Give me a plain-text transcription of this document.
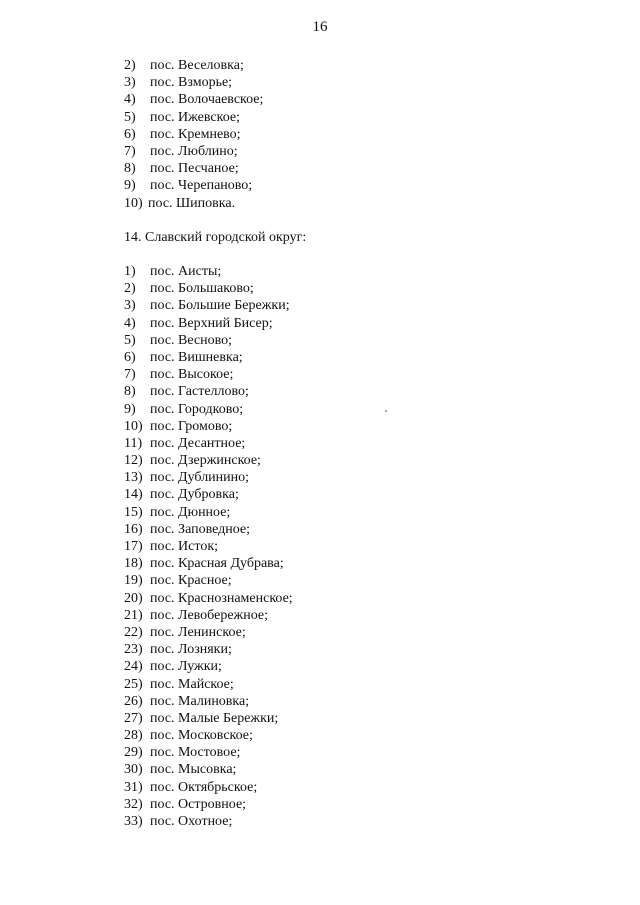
16
2)	пос. Веселовка;
3)	пос. Взморье;
4)	пос. Волочаевское;
5)	пос. Ижевское;
6)	пос. Кремнево;
7)	пос. Люблино;
8)	пос. Песчаное;
9)	пос. Черепаново;
10) пос. Шиповка.
14. Славский городской округ:
1)	пос. Аисты;
2)	пос. Большаково;
3)	пос. Большие Бережки;
4)	пос. Верхний Бисер;
5)	пос. Весново;
6)	пос. Вишневка;
7)	пос. Высокое;
8)	пос. Гастеллово;
9)	пос. Городково;
10) пос. Громово;
11) пос. Десантное;
12) пос. Дзержинское;
13) пос. Дублинино;
14) пос. Дубровка;
15) пос. Дюнное;
16) пос. Заповедное;
17) пос. Исток;
18) пос. Красная Дубрава;
19) пос. Красное;
20) пос. Краснознаменское;
21) пос. Левобережное;
22) пос. Ленинское;
23) пос. Лозняки;
24) пос. Лужки;
25) пос. Майское;
26) пос. Малиновка;
27) пос. Малые Бережки;
28) пос. Московское;
29) пос. Мостовое;
30) пос. Мысовка;
31) пос. Октябрьское;
32) пос. Островное;
33) пос. Охотное;
